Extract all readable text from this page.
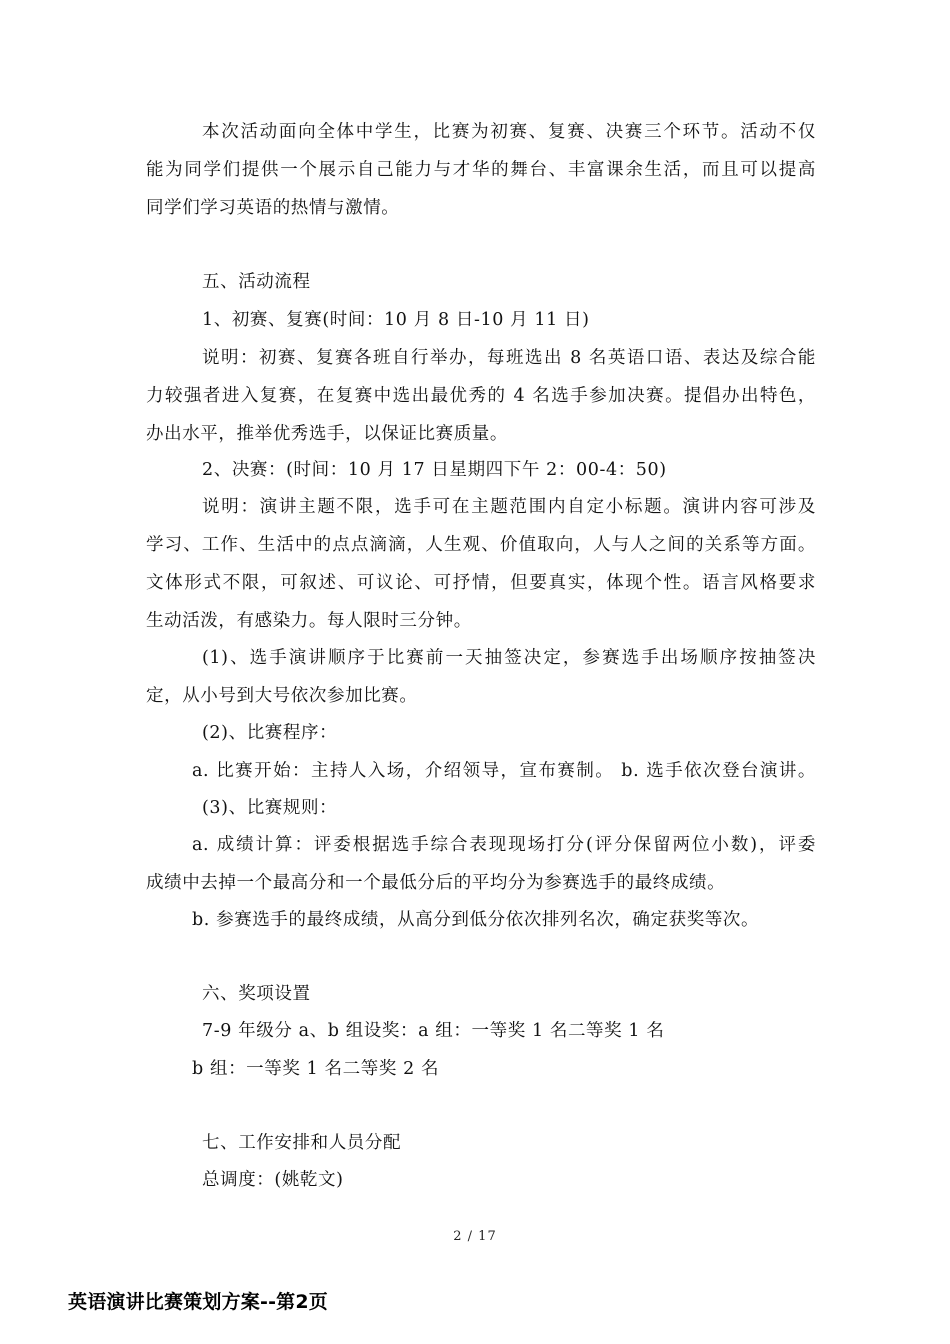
本次活动面向全体中学生，比赛为初赛、复赛、决赛三个环节。活动不仅
能为同学们提供一个展示自己能力与才华的舞台、丰富课余生活，而且可以提高
同学们学习英语的热情与激情。
五、活动流程
1、初赛、复赛(时间：10 月 8 日-10 月 11 日)
说明：初赛、复赛各班自行举办，每班选出 8 名英语口语、表达及综合能
力较强者进入复赛，在复赛中选出最优秀的 4 名选手参加决赛。提倡办出特色，
办出水平，推举优秀选手，以保证比赛质量。
2、决赛：(时间：10 月 17 日星期四下午 2：00-4：50)
说明：演讲主题不限，选手可在主题范围内自定小标题。演讲内容可涉及
学习、工作、生活中的点点滴滴，人生观、价值取向，人与人之间的关系等方面。
文体形式不限，可叙述、可议论、可抒情，但要真实，体现个性。语言风格要求
生动活泼，有感染力。每人限时三分钟。
(1)、选手演讲顺序于比赛前一天抽签决定，参赛选手出场顺序按抽签决
定，从小号到大号依次参加比赛。
(2)、比赛程序：
a. 比赛开始：主持人入场，介绍领导，宣布赛制。 b. 选手依次登台演讲。
(3)、比赛规则：
a. 成绩计算：评委根据选手综合表现现场打分(评分保留两位小数)，评委
成绩中去掉一个最高分和一个最低分后的平均分为参赛选手的最终成绩。
b. 参赛选手的最终成绩，从高分到低分依次排列名次，确定获奖等次。
六、奖项设置
7-9 年级分 a、b 组设奖：a 组：一等奖 1 名二等奖 1 名
b 组：一等奖 1 名二等奖 2 名
七、工作安排和人员分配
总调度：(姚乾文)
2 / 17
英语演讲比赛策划方案--第2页
